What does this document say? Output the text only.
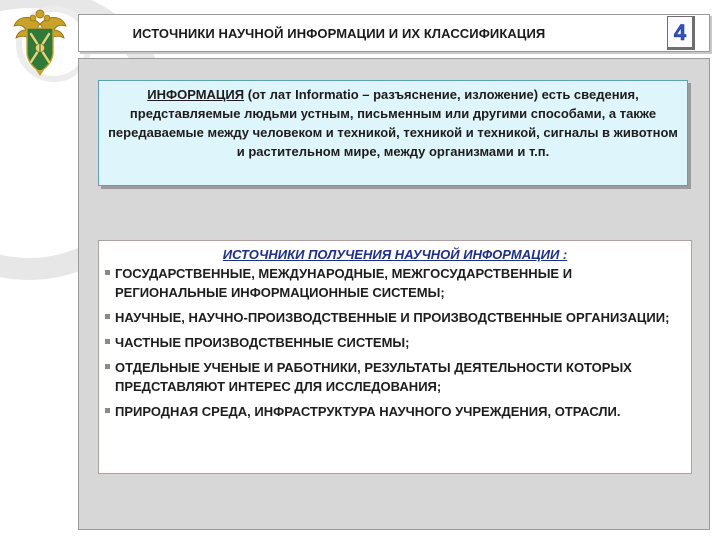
ИСТОЧНИКИ НАУЧНОЙ ИНФОРМАЦИИ И ИХ КЛАССИФИКАЦИЯ	4

ИНФОРМАЦИЯ (от лат Informatio – разъяснение, изложение) есть сведения, представляемые людьми устным, письменным или другими способами, а также передаваемые между человеком и техникой, техникой и техникой, сигналы в животном и растительном мире, между организмами и т.п.

ИСТОЧНИКИ ПОЛУЧЕНИЯ НАУЧНОЙ ИНФОРМАЦИИ :

ГОСУДАРСТВЕННЫЕ, МЕЖДУНАРОДНЫЕ, МЕЖГОСУДАРСТВЕННЫЕ И РЕГИОНАЛЬНЫЕ ИНФОРМАЦИОННЫЕ СИСТЕМЫ;
НАУЧНЫЕ, НАУЧНО-ПРОИЗВОДСТВЕННЫЕ И ПРОИЗВОДСТВЕННЫЕ ОРГАНИЗАЦИИ;
ЧАСТНЫЕ ПРОИЗВОДСТВЕННЫЕ СИСТЕМЫ;
ОТДЕЛЬНЫЕ УЧЕНЫЕ И РАБОТНИКИ, РЕЗУЛЬТАТЫ ДЕЯТЕЛЬНОСТИ КОТОРЫХ ПРЕДСТАВЛЯЮТ ИНТЕРЕС ДЛЯ ИССЛЕДОВАНИЯ;
ПРИРОДНАЯ СРЕДА, ИНФРАСТРУКТУРА НАУЧНОГО УЧРЕЖДЕНИЯ, ОТРАСЛИ.
